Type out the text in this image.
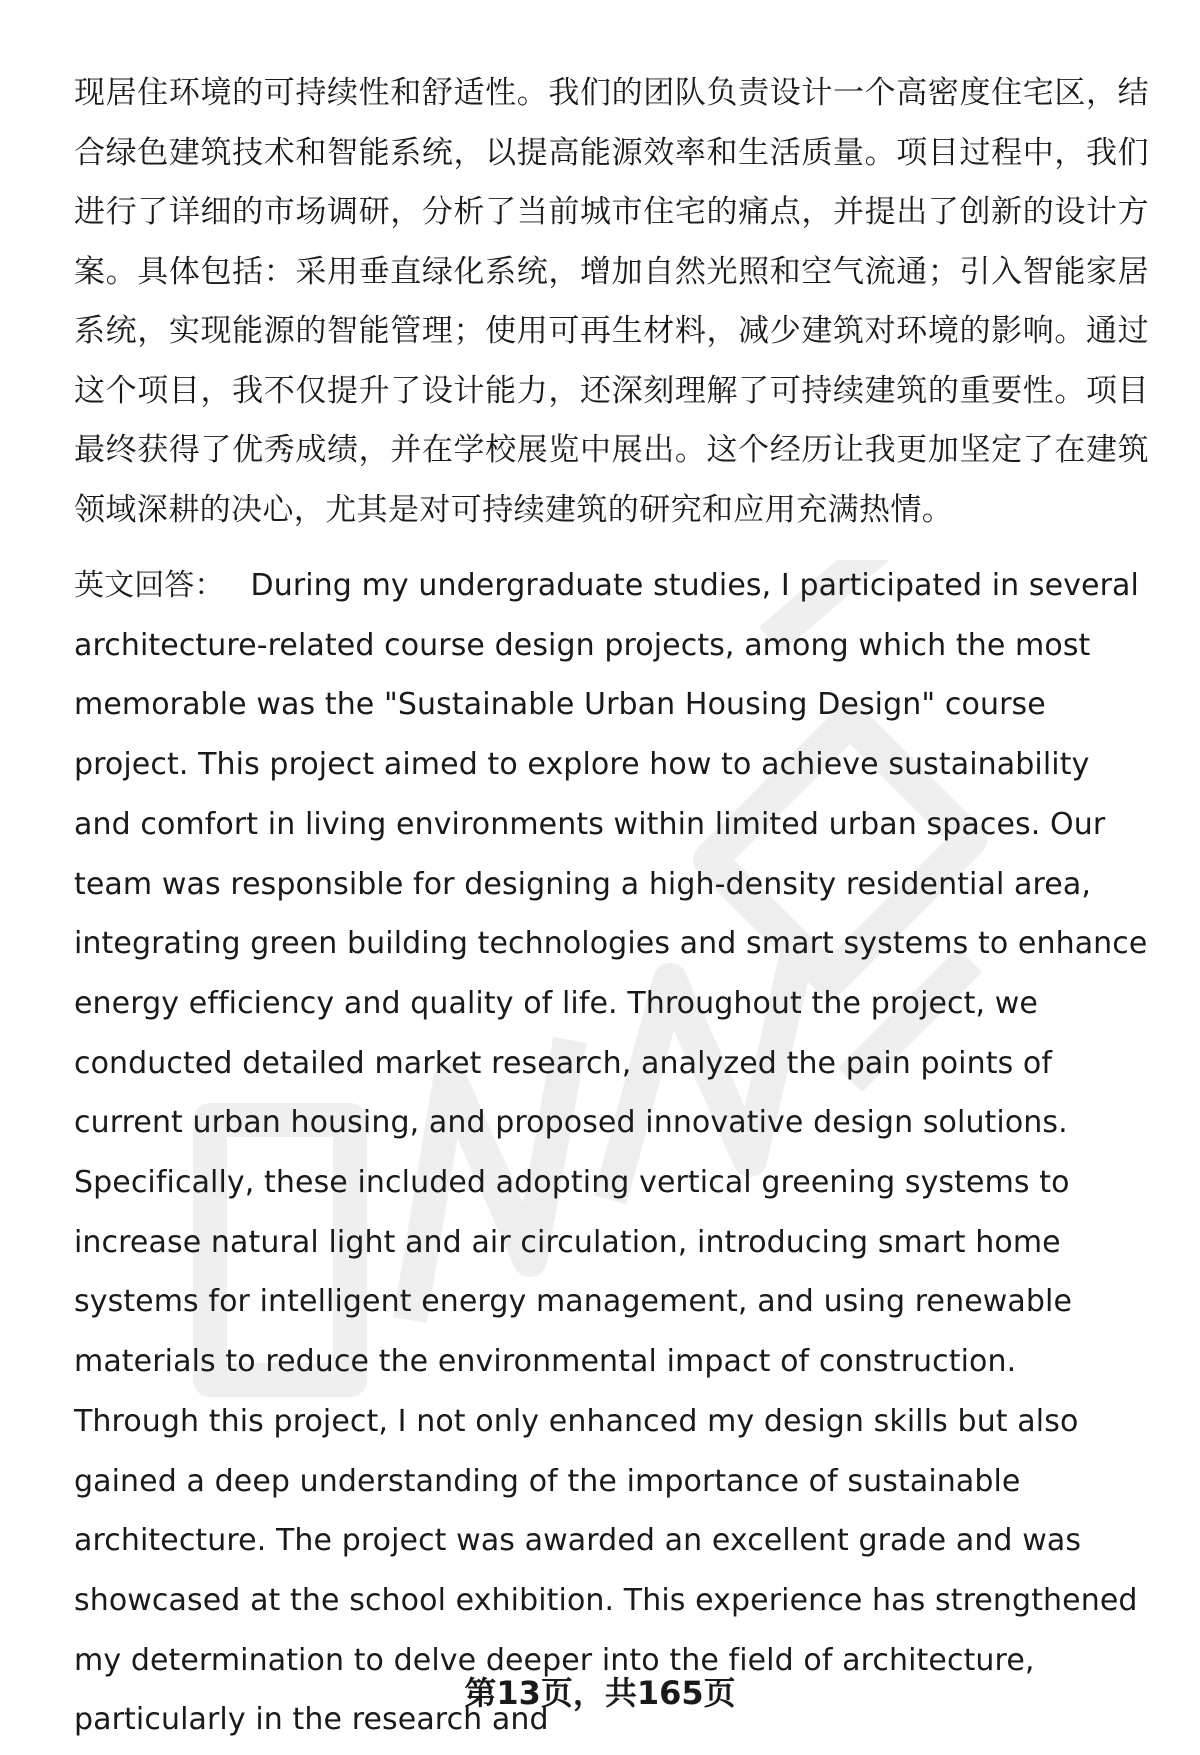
现居住环境的可持续性和舒适性。我们的团队负责设计一个高密度住宅区，结合绿色建筑技术和智能系统，以提高能源效率和生活质量。项目过程中，我们进行了详细的市场调研，分析了当前城市住宅的痛点，并提出了创新的设计方案。具体包括：采用垂直绿化系统，增加自然光照和空气流通；引入智能家居系统，实现能源的智能管理；使用可再生材料，减少建筑对环境的影响。通过这个项目，我不仅提升了设计能力，还深刻理解了可持续建筑的重要性。项目最终获得了优秀成绩，并在学校展览中展出。这个经历让我更加坚定了在建筑领域深耕的决心，尤其是对可持续建筑的研究和应用充满热情。

英文回答： During my undergraduate studies, I participated in several architecture-related course design projects, among which the most memorable was the "Sustainable Urban Housing Design" course project. This project aimed to explore how to achieve sustainability and comfort in living environments within limited urban spaces. Our team was responsible for designing a high-density residential area, integrating green building technologies and smart systems to enhance energy efficiency and quality of life. Throughout the project, we conducted detailed market research, analyzed the pain points of current urban housing, and proposed innovative design solutions. Specifically, these included adopting vertical greening systems to increase natural light and air circulation, introducing smart home systems for intelligent energy management, and using renewable materials to reduce the environmental impact of construction. Through this project, I not only enhanced my design skills but also gained a deep understanding of the importance of sustainable architecture. The project was awarded an excellent grade and was showcased at the school exhibition. This experience has strengthened my determination to delve deeper into the field of architecture, particularly in the research and

第13页，共165页
